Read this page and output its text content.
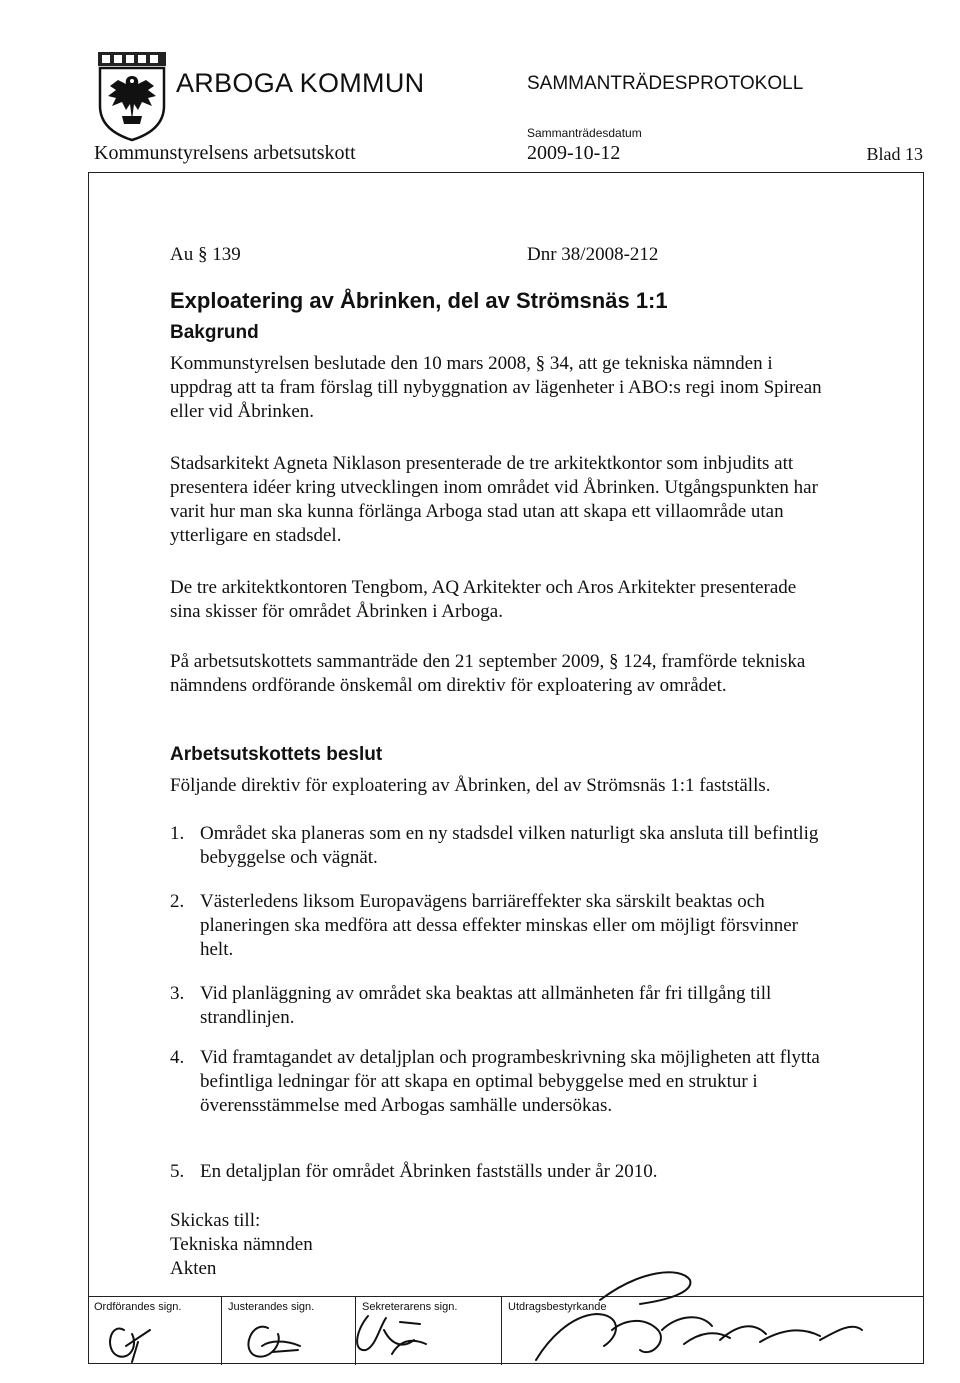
ARBOGA KOMMUN	SAMMANTRÄDESPROTOKOLL
Sammanträdesdatum
Kommunstyrelsens arbetsutskott	2009-10-12	Blad 13
Au § 139	Dnr 38/2008-212
Exploatering av Åbrinken, del av Strömsnäs 1:1
Bakgrund

Kommunstyrelsen beslutade den 10 mars 2008, § 34, att ge tekniska nämnden i uppdrag att ta fram förslag till nybyggnation av lägenheter i ABO:s regi inom Spirean eller vid Åbrinken.

Stadsarkitekt Agneta Niklason presenterade de tre arkitektkontor som inbjudits att presentera idéer kring utvecklingen inom området vid Åbrinken. Utgångspunkten har varit hur man ska kunna förlänga Arboga stad utan att skapa ett villaområde utan ytterligare en stadsdel.

De tre arkitektkontoren Tengbom, AQ Arkitekter och Aros Arkitekter presenterade sina skisser för området Åbrinken i Arboga.

På arbetsutskottets sammanträde den 21 september 2009, § 124, framförde tekniska nämndens ordförande önskemål om direktiv för exploatering av området.

Arbetsutskottets beslut

Följande direktiv för exploatering av Åbrinken, del av Strömsnäs 1:1 fastställs.

1. Området ska planeras som en ny stadsdel vilken naturligt ska ansluta till befintlig bebyggelse och vägnät.
2. Västerledens liksom Europavägens barriäreffekter ska särskilt beaktas och planeringen ska medföra att dessa effekter minskas eller om möjligt försvinner helt.
3. Vid planläggning av området ska beaktas att allmänheten får fri tillgång till strandlinjen.
4. Vid framtagandet av detaljplan och programbeskrivning ska möjligheten att flytta befintliga ledningar för att skapa en optimal bebyggelse med en struktur i överensstämmelse med Arbogas samhälle undersökas.
5. En detaljplan för området Åbrinken fastställs under år 2010.
Skickas till:
Tekniska nämnden
Akten
Ordförandes sign.	Justerandes sign.	Sekreterarens sign.	Utdragsbestyrkande
